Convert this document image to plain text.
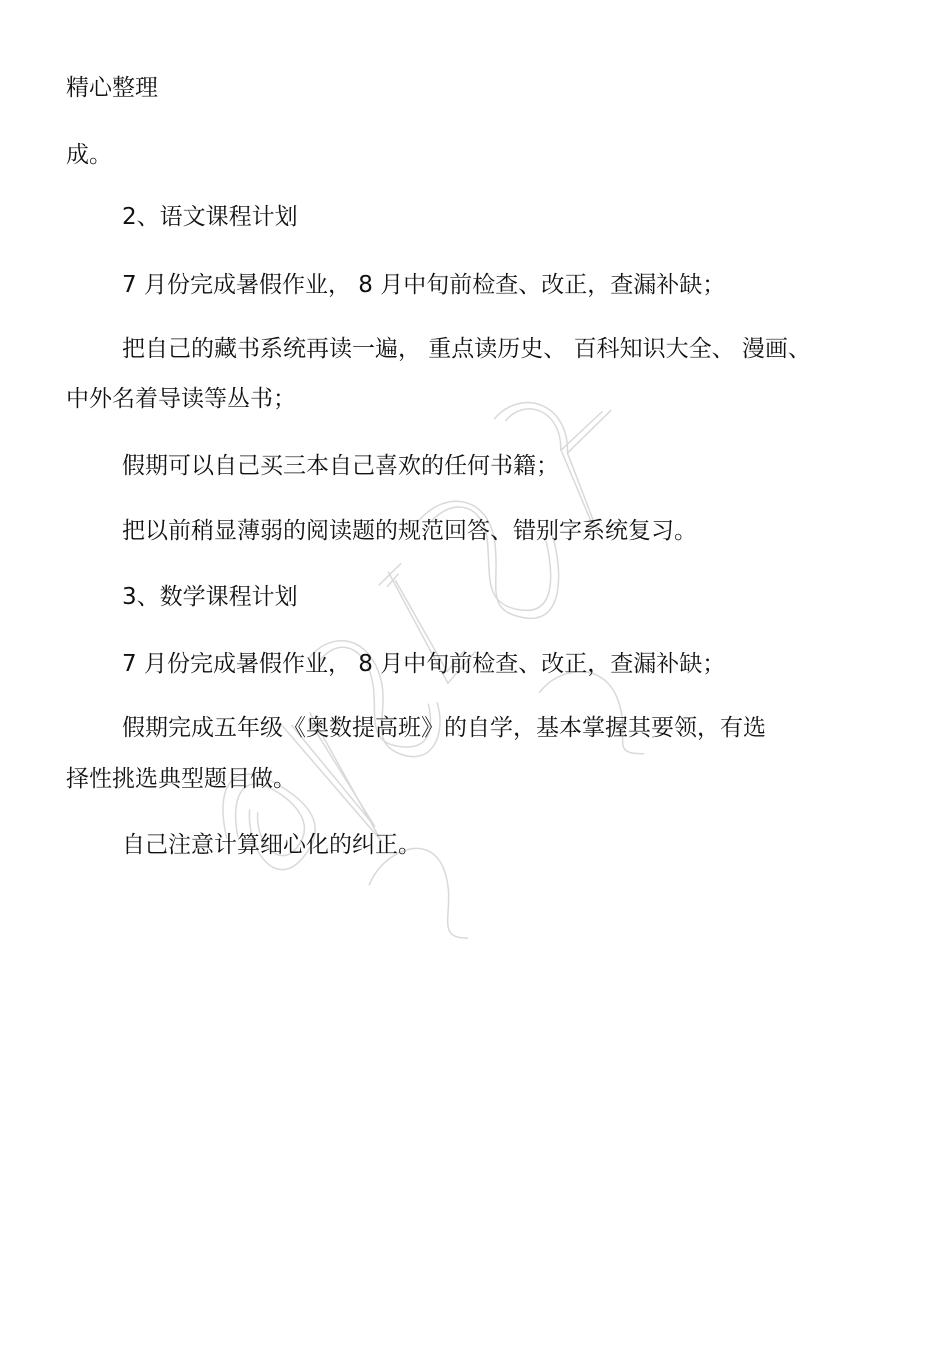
精心整理
成。
2、语文课程计划
7 月份完成暑假作业， 8 月中旬前检查、改正，查漏补缺；
把自己的藏书系统再读一遍， 重点读历史、 百科知识大全、 漫画、
中外名着导读等丛书；
假期可以自己买三本自己喜欢的任何书籍；
把以前稍显薄弱的阅读题的规范回答、错别字系统复习。
3、数学课程计划
7 月份完成暑假作业， 8 月中旬前检查、改正，查漏补缺；
假期完成五年级《奥数提高班》的自学，基本掌握其要领，有选
择性挑选典型题目做。
自己注意计算细心化的纠正。
